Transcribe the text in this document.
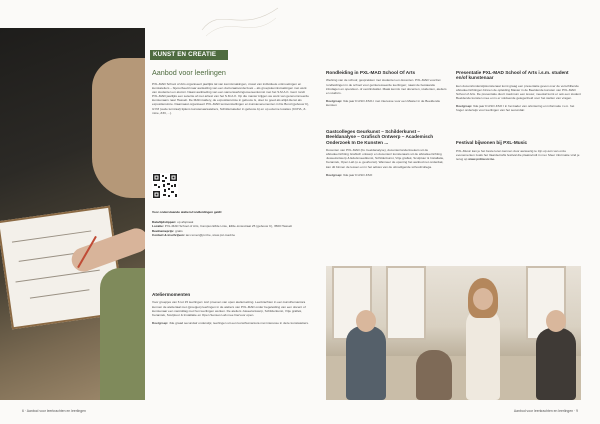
KUNST EN CREATIE
Aanbod voor leerlingen

PXL-MAD School of Arts organiseert jaarlijks tal van kennismakingen, zowel van individuele ontmoetingen en kunstateliers – bijvoorbeeld naar aanleiding van een doctoraatsonderzoek – als groepskennismakingen met werk van studenten en alumni. Naast aanbieding van een samenwerkingsovereenkomst met het S.M.A.K. Gent rondt PXL-MAD jaarlijks een selectie af met artiest van het S.M.A.K. Op die manier krijgen we werk van gerenommeerde kunstenaars naar Hasselt. De MAD-Gallery, de expositieruimte in gebouw G, doet zo goed als altijd dienst als expositieruimte. Daarnaast organiseert PXL-MAD tentoonstellingen en kunstevenementen in De Bond (gebouw C), GYM (oude turnzaal) tijdens kunstenaarsateliers, Schildersatelier in gebouw A) en op externe locaties (CCHA, Z-mine, Z33, ...).

Voor onderstaande ateliers/rondleidingen geldt:

Data/tijdstippen: op afspraak

Locatie: PXL-MAD School of Arts, Campus Elfde Linie, Elfde-Liniestraat 25 (gebouw C), 3500 Hasselt

Deelnameprijs: gratis

Contact & inschrijven: iac.remen@pxl.be, www.pxl-mad.be

Ateliermomenten

Voor groepjes van 6 tot 15 leerlingen: kort proeven van open ateliersetting. Leerkrachten in een kunsthumaniora kunnen de ateliertaal met (groepjes) leerlingen in de ateliers van PXL-MAD onder begeleiding van een docent of kunstenaar een namiddag met hun leerlingen werken. De ateliers Juweelontwerp, Schilderkunst, Vrije grafiek, Keramiek, Sculptuur & Installatie en Open Senses Lab mee hiervoor open.

Doelgroep: 3de graad secundair onderwijs; leerlingen uit een kunsthumaniora met interesse in deze kunstateliers.

6 · Aanbod voor leerkrachten en leerlingen
Rondleiding in PXL-MAD School Of Arts

Werking van de school; gesprekken met studenten en docenten. PXL-MAD voorziet rondleidingen in de school voor geinteresseerde leerlingen; naast de bestaande infodagen en opendeur- of oemlindatdet. Maak kennis met docenten, studenten, ateliers en studio's.

Doelgroep: 6de jaar D ASO-KSO-I met interesse voor een Master in de Beeldende kunsten

Gastcolleges Geurkunst – Schilderkunst – Beeldanalyse – Grafisch Ontwerp – Academisch Onderzoek In De Kunsten ...

Docenten van PXL-MAD (bv. beeldanalyse), docenten/onderzoekers uit de afstudeerrichting Grafisch ontwerp en docenten/ kunstenaars uit de afstudeerrichting Juweelontwerp & Edelsmeedkunst, Schilderkunst, Vrije grafiek, Sculptuur & Installatie, Keramiek, Open Lab (o.a. geurkunst). Wanneer de opening het aanbod net onderdak, kan dit binnen de lessen en in het advies van de uitnodigende school/collega.

Doelgroep: 6de jaar D ASO-KSO

Presentatie PXL-MAD School of Arts i.s.m. student en/of kunstenaar

Een docent/onderwijskunstenaar komt graag een presentatie geven over de verschillende afstudeerrichtingen binnen de opleiding Master in de Beeldende kunsten van PXL-MAD School of Arts. De presentatie duurt maximum een lesuur, meestal komt er ook een student Beeldende kunsten mee en is er voldoende gelegenheid voor het stellen van vragen.

Doelgroep: 6de jaar D ASO-KSO I in het kader van oriëntering en informatie i.v.m. het hoger onderwijs voor leerlingen van het secundair.

Festival bijwonen bij PXL-Music

PXL-Music kan je het beste leren kennen door aanwezig te zijn op één van onze evenementen zoals het Vaardecrafts festival die plaatsvindt in mei. Meer informatie vind je terug op www.pxlmusic.be.

Aanbod voor leerkrachten en leerlingen · 9
